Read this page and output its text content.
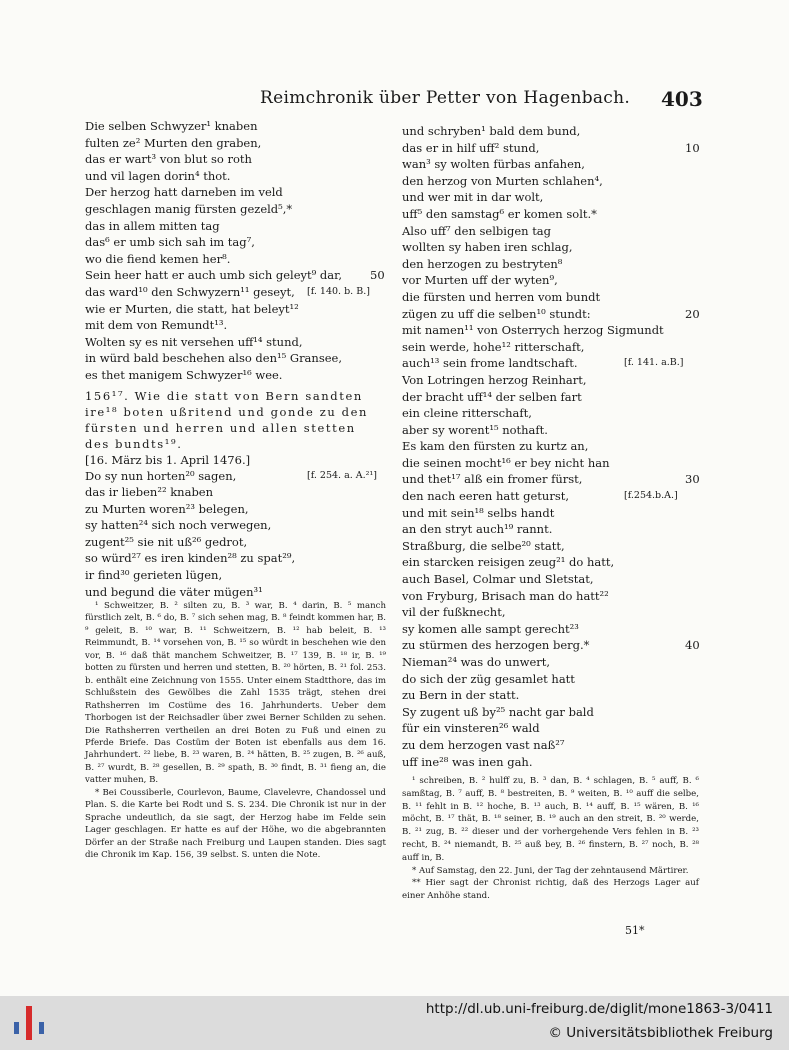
Reimchronik über Petter von Hagenbach. 403
Die selben Schwyzer¹ knaben
fulten ze² Murten den graben,
das er wart³ von blut so roth
und vil lagen dorin⁴ thot.
Der herzog hatt darneben im veld
geschlagen manig fürsten gezeld⁵,*
das in allem mitten tag
das⁶ er umb sich sah im tag⁷,
wo die fiend kemen her⁸.
Sein heer hatt er auch umb sich geleyt⁹ dar, 50
das ward¹⁰ den Schwyzern¹¹ geseyt, [f. 140. b. B.]
wie er Murten, die statt, hat beleyt¹²
mit dem von Remundt¹³.
Wolten sy es nit versehen uff¹⁴ stund,
in würd bald beschehen also den¹⁵ Gransee,
es thet manigem Schwyzer¹⁶ wee.
156¹⁷. Wie die statt von Bern sandten ire¹⁸ boten ußritend und gonde zu den fürsten und herren und allen stetten des bundts¹⁹.
[16. März bis 1. April 1476.]
Do sy nun horten²⁰ sagen,	[f. 254. a. A.²¹]
das ir lieben²² knaben
zu Murten woren²³ belegen,
sy hatten²⁴ sich noch verwegen,
zugent²⁵ sie nit uß²⁶ gedrot,
so würd²⁷ es iren kinden²⁸ zu spat²⁹,
ir find³⁰ gerieten lügen,
und begund die väter mügen³¹

¹ Schweitzer, B. ² silten zu, B. ³ war, B. ⁴ darin, B. ⁵ manch fürstlich zelt, B. ⁶ do, B. ⁷ sich sehen mag, B. ⁸ feindt kommen har, B. ⁹ geleit, B. ¹⁰ war, B. ¹¹ Schweitzern, B. ¹² hab beleit, B. ¹³ Reimmundt, B. ¹⁴ vorsehen von, B. ¹⁵ so würdt in beschehen wie den vor, B. ¹⁶ daß thät manchem Schweitzer, B. ¹⁷ 139, B. ¹⁸ ir, B. ¹⁹ botten zu fürsten und herren und stetten, B. ²⁰ hörten, B. ²¹ fol. 253. b. enthält eine Zeichnung von 1555. Unter einem Stadtthore, das im Schlußstein des Gewölbes die Zahl 1535 trägt, stehen drei Rathsherren im Costüme des 16. Jahrhunderts. Ueber dem Thorbogen ist der Reichsadler über zwei Berner Schilden zu sehen. Die Rathsherren vertheilen an drei Boten zu Fuß und einen zu Pferde Briefe. Das Costüm der Boten ist ebenfalls aus dem 16. Jahrhundert. ²² liebe, B. ²³ waren, B. ²⁴ hätten, B. ²⁵ zugen, B. ²⁶ auß, B. ²⁷ wurdt, B. ²⁸ gesellen, B. ²⁹ spath, B. ³⁰ findt, B. ³¹ fieng an, die vatter muhen, B.

* Bei Coussiberle, Courlevon, Baume, Clavelevre, Chandossel und Plan. S. die Karte bei Rodt und S. S. 234. Die Chronik ist nur in der Sprache undeutlich, da sie sagt, der Herzog habe im Felde sein Lager geschlagen. Er hatte es auf der Höhe, wo die abgebrannten Dörfer an der Straße nach Freiburg und Laupen standen. Dies sagt die Chronik im Kap. 156, 39 selbst. S. unten die Note.

und schryben¹ bald dem bund,
das er in hilf uff² stund,	10
wan³ sy wolten fürbas anfahen,
den herzog von Murten schlahen⁴,
und wer mit in dar wolt,
uff⁵ den samstag⁶ er komen solt.*
Also uff⁷ den selbigen tag
wollten sy haben iren schlag,
den herzogen zu bestryten⁸
vor Murten uff der wyten⁹,
die fürsten und herren vom bundt
zügen zu uff die selben¹⁰ stundt:	20
mit namen¹¹ von Osterrych herzog Sigmundt
sein werde, hohe¹² ritterschaft,
auch¹³ sein frome landtschaft.	[f. 141. a.B.]
Von Lotringen herzog Reinhart,
der bracht uff¹⁴ der selben fart
ein cleine ritterschaft,
aber sy worent¹⁵ nothaft.
Es kam den fürsten zu kurtz an,
die seinen mocht¹⁶ er bey nicht han
und thet¹⁷ alß ein fromer fürst,	30
den nach eeren hatt geturst,	[f.254.b.A.]
und mit sein¹⁸ selbs handt
an den stryt auch¹⁹ rannt.
Straßburg, die selbe²⁰ statt,
ein starcken reisigen zeug²¹ do hatt,
auch Basel, Colmar und Sletstat,
von Fryburg, Brisach man do hatt²²
vil der fußknecht,
sy komen alle sampt gerecht²³
zu stürmen des herzogen berg.*	40
Nieman²⁴ was do unwert,
do sich der züg gesamlet hatt
zu Bern in der statt.
Sy zugent uß by²⁵ nacht gar bald
für ein vinsteren²⁶ wald
zu dem herzogen vast naß²⁷
uff ine²⁸ was inen gah.

¹ schreiben, B. ² hulff zu, B. ³ dan, B. ⁴ schlagen, B. ⁵ auff, B. ⁶ samßtag, B. ⁷ auff, B. ⁸ bestreiten, B. ⁹ weiten, B. ¹⁰ auff die selbe, B. ¹¹ fehlt in B. ¹² hoche, B. ¹³ auch, B. ¹⁴ auff, B. ¹⁵ wären, B. ¹⁶ möcht, B. ¹⁷ thät, B. ¹⁸ seiner, B. ¹⁹ auch an den streit, B. ²⁰ werde, B. ²¹ zug, B. ²² dieser und der vorhergehende Vers fehlen in B. ²³ recht, B. ²⁴ niemandt, B. ²⁵ auß bey, B. ²⁶ finstern, B. ²⁷ noch, B. ²⁸ auff in, B.

* Auf Samstag, den 22. Juni, der Tag der zehntausend Märtirer.

** Hier sagt der Chronist richtig, daß des Herzogs Lager auf einer Anhöhe stand.

51*
http://dl.ub.uni-freiburg.de/diglit/mone1863-3/0411
© Universitätsbibliothek Freiburg
